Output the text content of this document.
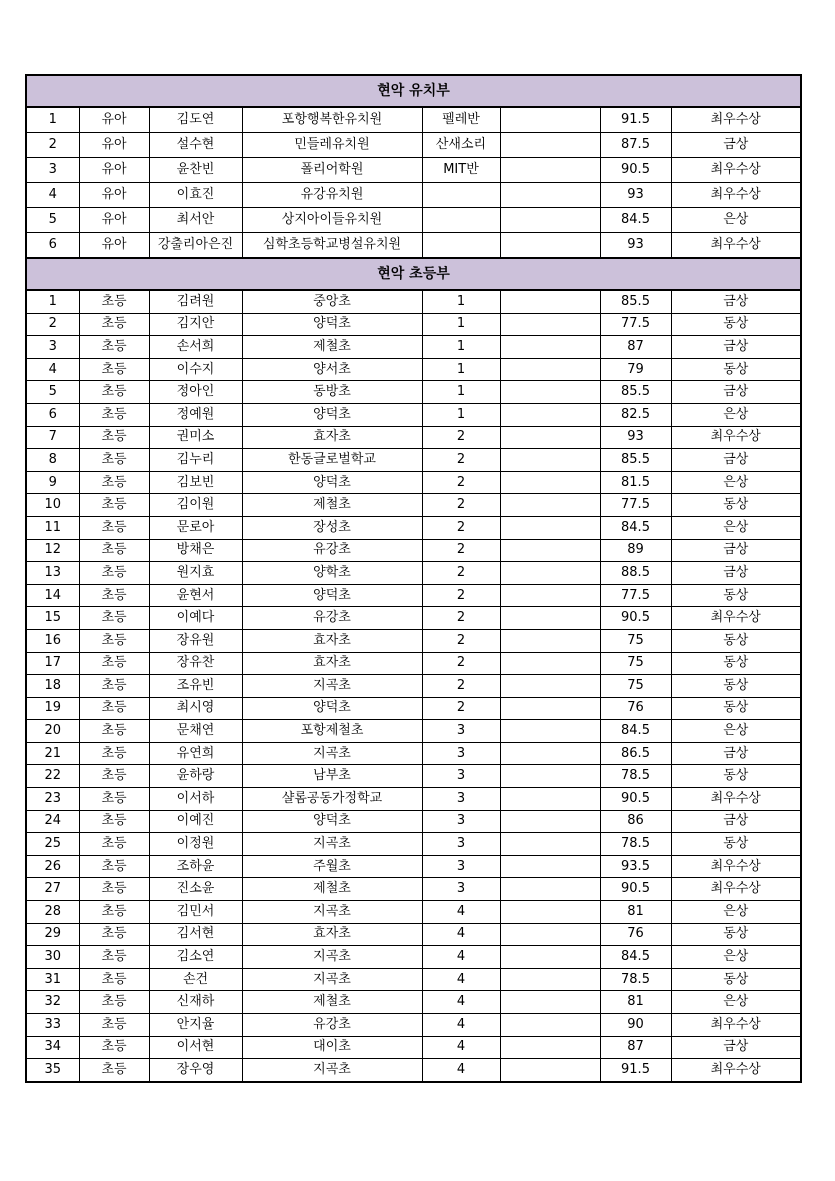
현악 유치부							
1	유아	김도연	포항행복한유치원	펠레반		91.5	최우수상
2	유아	설수현	민들레유치원	산새소리		87.5	금상
3	유아	윤찬빈	폴리어학원	MIT반		90.5	최우수상
4	유아	이효진	유강유치원			93	최우수상
5	유아	최서안	상지아이들유치원			84.5	은상
6	유아	강출리아은진	심학초등학교병설유치원			93	최우수상
현악 초등부							
1	초등	김려원	중앙초	1		85.5	금상
2	초등	김지안	양덕초	1		77.5	동상
3	초등	손서희	제철초	1		87	금상
4	초등	이수지	양서초	1		79	동상
5	초등	정아인	동방초	1		85.5	금상
6	초등	정예원	양덕초	1		82.5	은상
7	초등	권미소	효자초	2		93	최우수상
8	초등	김누리	한동글로벌학교	2		85.5	금상
9	초등	김보빈	양덕초	2		81.5	은상
10	초등	김이원	제철초	2		77.5	동상
11	초등	문로아	장성초	2		84.5	은상
12	초등	방채은	유강초	2		89	금상
13	초등	원지효	양학초	2		88.5	금상
14	초등	윤현서	양덕초	2		77.5	동상
15	초등	이예다	유강초	2		90.5	최우수상
16	초등	장유원	효자초	2		75	동상
17	초등	장유찬	효자초	2		75	동상
18	초등	조유빈	지곡초	2		75	동상
19	초등	최시영	양덕초	2		76	동상
20	초등	문채연	포항제철초	3		84.5	은상
21	초등	유연희	지곡초	3		86.5	금상
22	초등	윤하랑	남부초	3		78.5	동상
23	초등	이서하	샬롬공동가정학교	3		90.5	최우수상
24	초등	이예진	양덕초	3		86	금상
25	초등	이정원	지곡초	3		78.5	동상
26	초등	조하윤	주월초	3		93.5	최우수상
27	초등	진소윤	제철초	3		90.5	최우수상
28	초등	김민서	지곡초	4		81	은상
29	초등	김서현	효자초	4		76	동상
30	초등	김소연	지곡초	4		84.5	은상
31	초등	손건	지곡초	4		78.5	동상
32	초등	신재하	제철초	4		81	은상
33	초등	안지율	유강초	4		90	최우수상
34	초등	이서현	대이초	4		87	금상
35	초등	장우영	지곡초	4		91.5	최우수상
